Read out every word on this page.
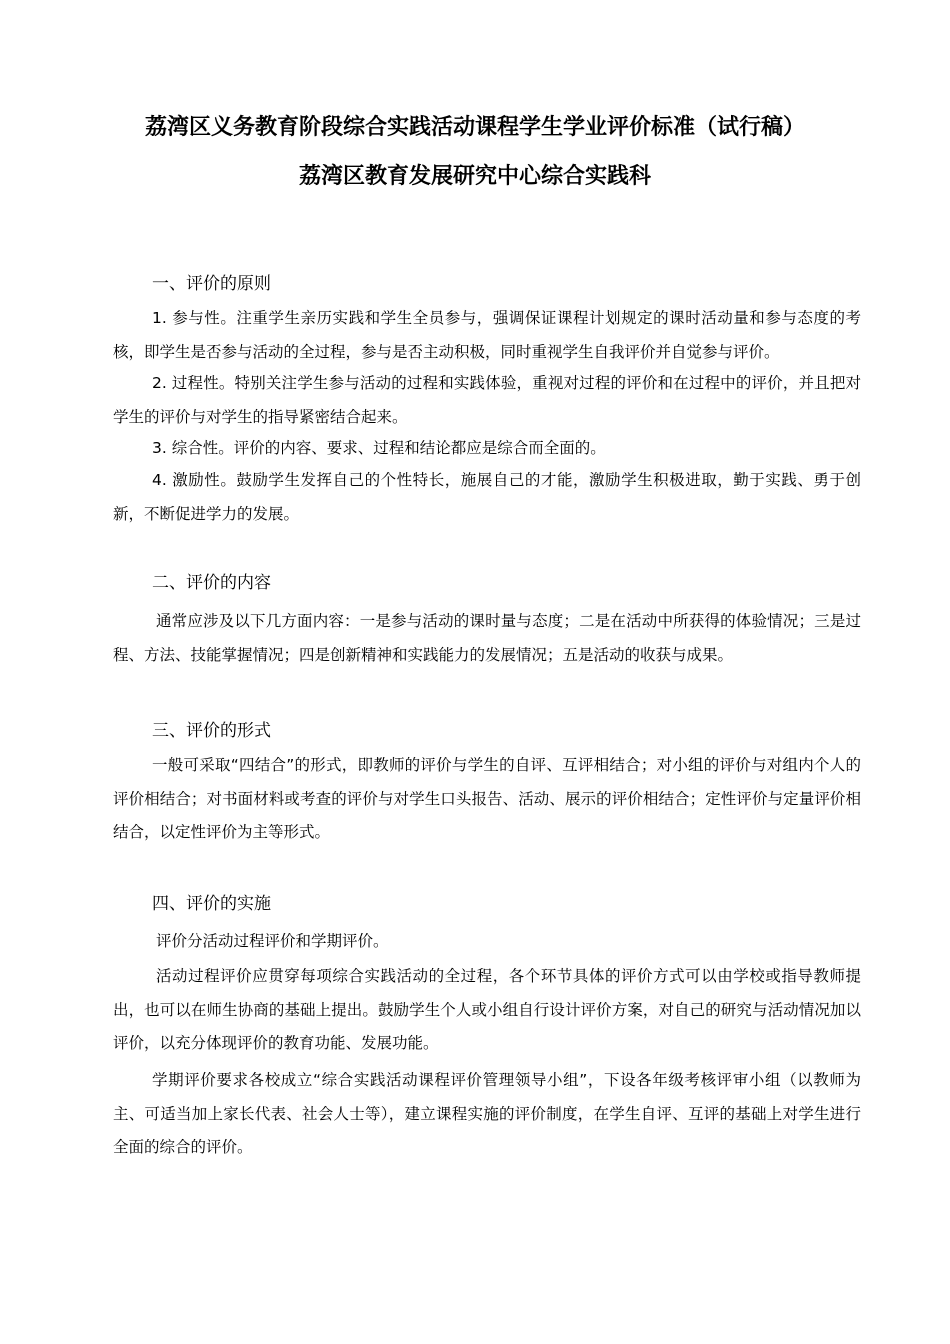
荔湾区义务教育阶段综合实践活动课程学生学业评价标准（试行稿）
荔湾区教育发展研究中心综合实践科
一、评价的原则
1. 参与性。注重学生亲历实践和学生全员参与，强调保证课程计划规定的课时活动量和参与态度的考核，即学生是否参与活动的全过程，参与是否主动积极，同时重视学生自我评价并自觉参与评价。
2. 过程性。特别关注学生参与活动的过程和实践体验，重视对过程的评价和在过程中的评价，并且把对学生的评价与对学生的指导紧密结合起来。
3. 综合性。评价的内容、要求、过程和结论都应是综合而全面的。
4. 激励性。鼓励学生发挥自己的个性特长，施展自己的才能，激励学生积极进取，勤于实践、勇于创新，不断促进学力的发展。
二、评价的内容
通常应涉及以下几方面内容：一是参与活动的课时量与态度；二是在活动中所获得的体验情况；三是过程、方法、技能掌握情况；四是创新精神和实践能力的发展情况；五是活动的收获与成果。
三、评价的形式
一般可采取“四结合”的形式，即教师的评价与学生的自评、互评相结合；对小组的评价与对组内个人的评价相结合；对书面材料或考查的评价与对学生口头报告、活动、展示的评价相结合；定性评价与定量评价相结合，以定性评价为主等形式。
四、评价的实施
评价分活动过程评价和学期评价。
活动过程评价应贯穿每项综合实践活动的全过程，各个环节具体的评价方式可以由学校或指导教师提出，也可以在师生协商的基础上提出。鼓励学生个人或小组自行设计评价方案，对自己的研究与活动情况加以评价，以充分体现评价的教育功能、发展功能。
学期评价要求各校成立“综合实践活动课程评价管理领导小组”，下设各年级考核评审小组（以教师为主、可适当加上家长代表、社会人士等），建立课程实施的评价制度，在学生自评、互评的基础上对学生进行全面的综合的评价。
